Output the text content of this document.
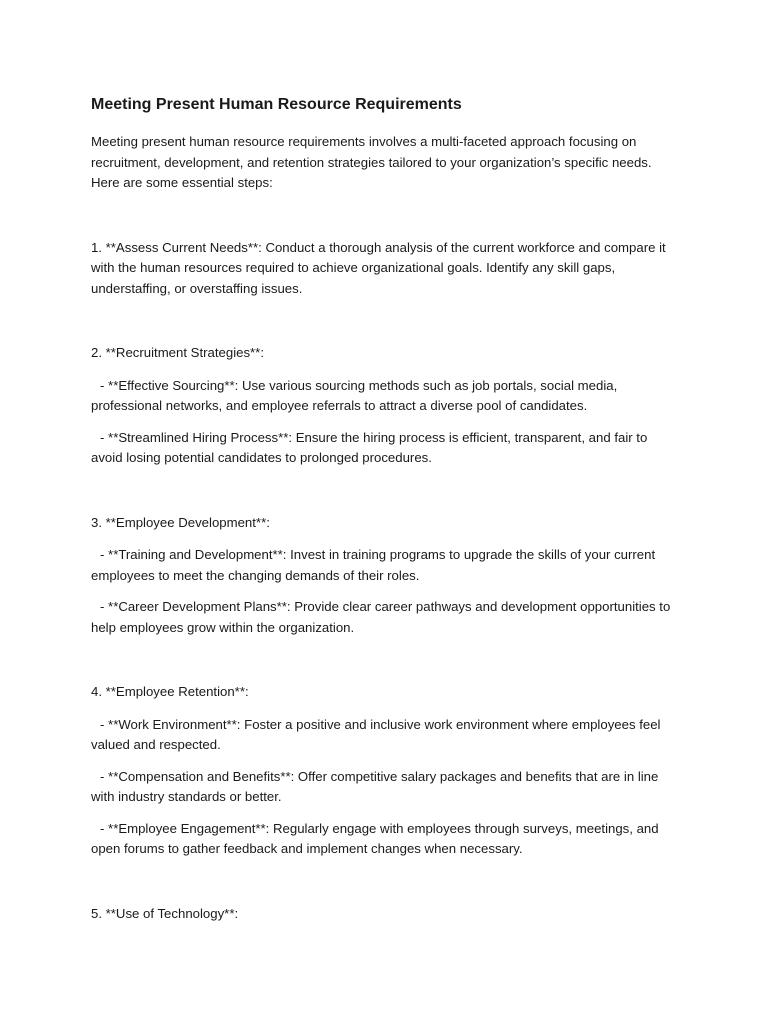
Meeting Present Human Resource Requirements

Meeting present human resource requirements involves a multi-faceted approach focusing on recruitment, development, and retention strategies tailored to your organization’s specific needs. Here are some essential steps:

1. **Assess Current Needs**: Conduct a thorough analysis of the current workforce and compare it with the human resources required to achieve organizational goals. Identify any skill gaps, understaffing, or overstaffing issues.

2. **Recruitment Strategies**:

- **Effective Sourcing**: Use various sourcing methods such as job portals, social media, professional networks, and employee referrals to attract a diverse pool of candidates.

- **Streamlined Hiring Process**: Ensure the hiring process is efficient, transparent, and fair to avoid losing potential candidates to prolonged procedures.

3. **Employee Development**:

- **Training and Development**: Invest in training programs to upgrade the skills of your current employees to meet the changing demands of their roles.

- **Career Development Plans**: Provide clear career pathways and development opportunities to help employees grow within the organization.

4. **Employee Retention**:

- **Work Environment**: Foster a positive and inclusive work environment where employees feel valued and respected.

- **Compensation and Benefits**: Offer competitive salary packages and benefits that are in line with industry standards or better.

- **Employee Engagement**: Regularly engage with employees through surveys, meetings, and open forums to gather feedback and implement changes when necessary.

5. **Use of Technology**:
